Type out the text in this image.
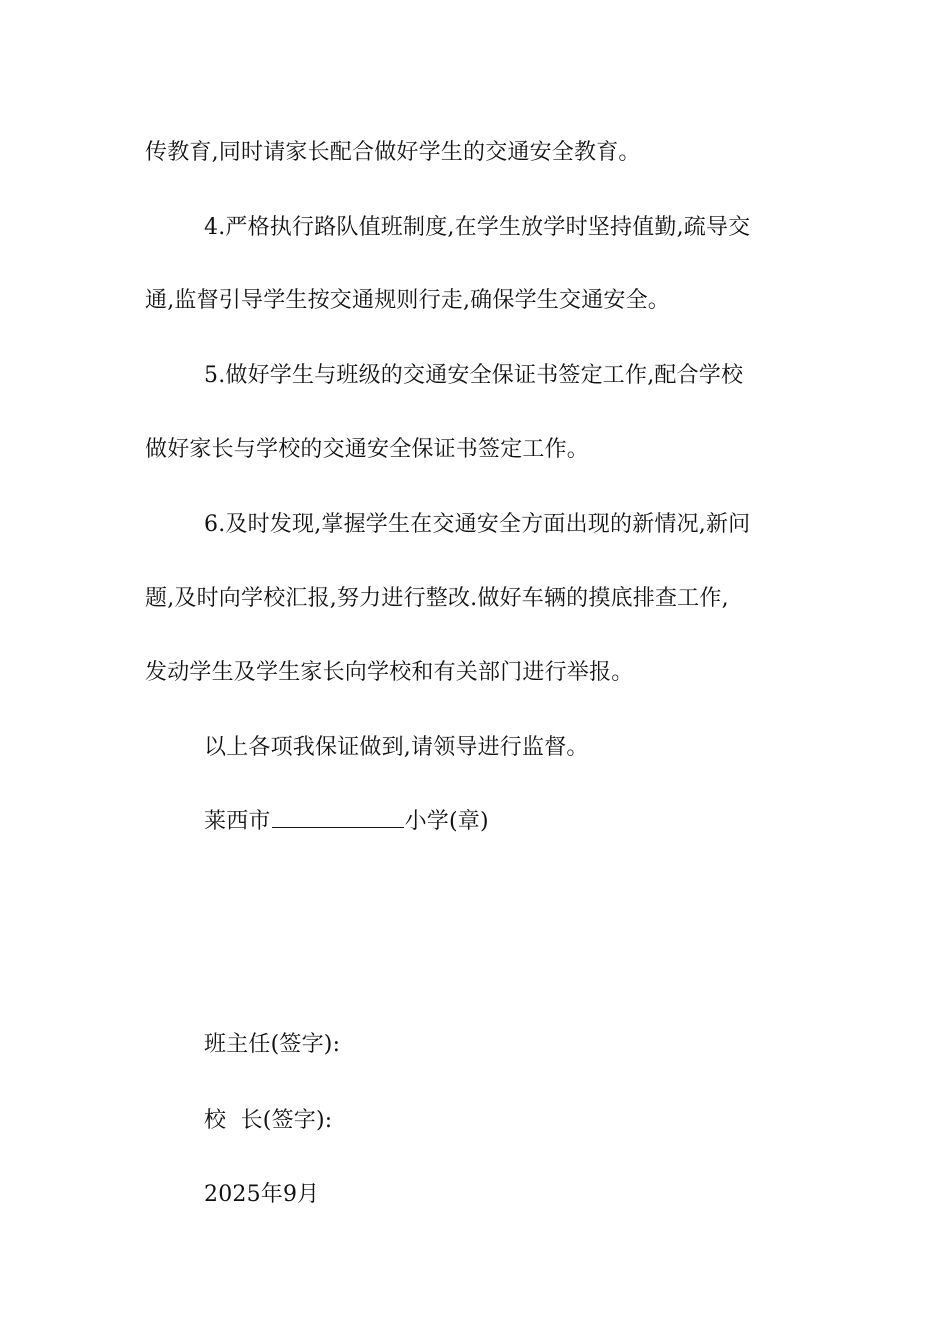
传教育,同时请家长配合做好学生的交通安全教育。
4.严格执行路队值班制度,在学生放学时坚持值勤,疏导交
通,监督引导学生按交通规则行走,确保学生交通安全。
5.做好学生与班级的交通安全保证书签定工作,配合学校
做好家长与学校的交通安全保证书签定工作。
6.及时发现,掌握学生在交通安全方面出现的新情况,新问
题,及时向学校汇报,努力进行整改.做好车辆的摸底排查工作,
发动学生及学生家长向学校和有关部门进行举报。
以上各项我保证做到,请领导进行监督。
莱西市	小学(章)
班主任(签字):
校  长(签字):
2025年9月
